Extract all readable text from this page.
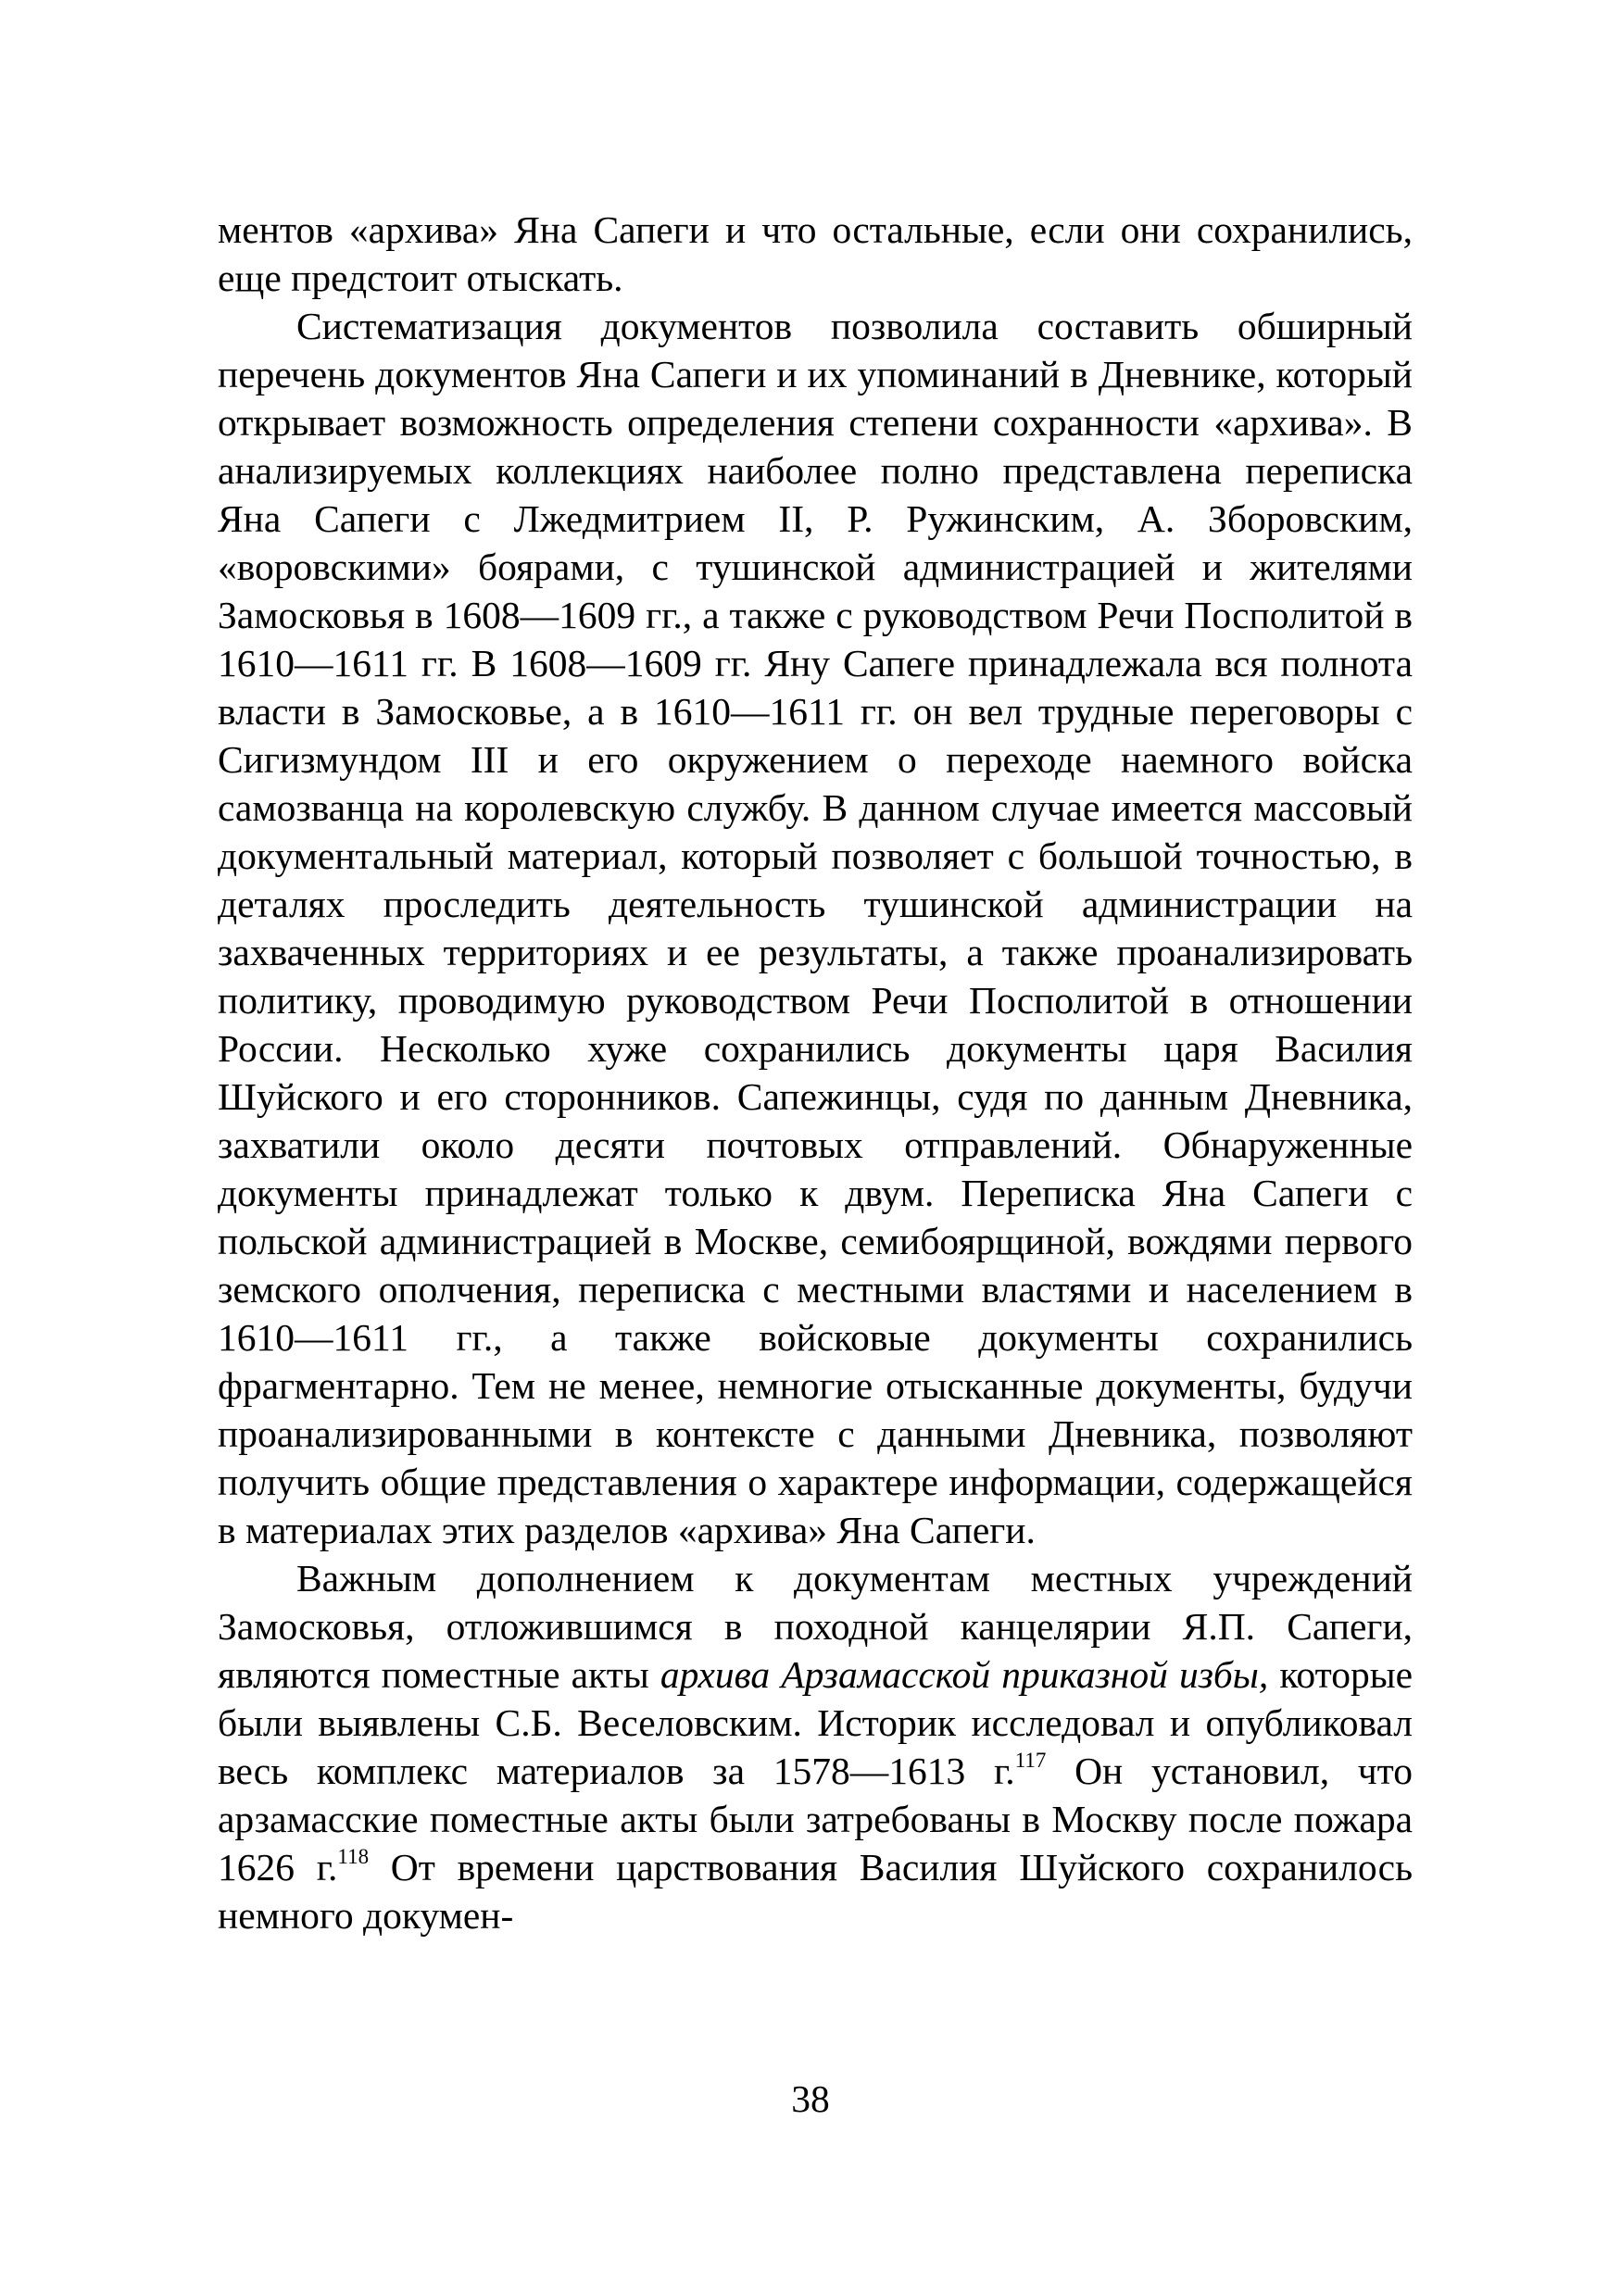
ментов «архива» Яна Сапеги и что остальные, если они сохранились, еще предстоит отыскать.

Систематизация документов позволила составить обширный перечень документов Яна Сапеги и их упоминаний в Дневнике, который открывает возможность определения степени сохранности «архива». В анализируемых коллекциях наиболее полно представлена переписка Яна Сапеги с Лжедмитрием II, Р. Ружинским, А. Зборовским, «воровскими» боярами, с тушинской администрацией и жителями Замосковья в 1608—1609 гг., а также с руководством Речи Посполитой в 1610—1611 гг. В 1608—1609 гг. Яну Сапеге принадлежала вся полнота власти в Замосковье, а в 1610—1611 гг. он вел трудные переговоры с Сигизмундом III и его окружением о переходе наемного войска самозванца на королевскую службу. В данном случае имеется массовый документальный материал, который позволяет с большой точностью, в деталях проследить деятельность тушинской администрации на захваченных территориях и ее результаты, а также проанализировать политику, проводимую руководством Речи Посполитой в отношении России. Несколько хуже сохранились документы царя Василия Шуйского и его сторонников. Сапежинцы, судя по данным Дневника, захватили около десяти почтовых отправлений. Обнаруженные документы принадлежат только к двум. Переписка Яна Сапеги с польской администрацией в Москве, семибоярщиной, вождями первого земского ополчения, переписка с местными властями и населением в 1610—1611 гг., а также войсковые документы сохранились фрагментарно. Тем не менее, немногие отысканные документы, будучи проанализированными в контексте с данными Дневника, позволяют получить общие представления о характере информации, содержащейся в материалах этих разделов «архива» Яна Сапеги.

Важным дополнением к документам местных учреждений Замосковья, отложившимся в походной канцелярии Я.П. Сапеги, являются поместные акты архива Арзамасской приказной избы, которые были выявлены С.Б. Веселовским. Историк исследовал и опубликовал весь комплекс материалов за 1578—1613 г.$^{117}$ Он установил, что арзамасские поместные акты были затребованы в Москву после пожара 1626 г.$^{118}$ От времени царствования Василия Шуйского сохранилось немного докумен-

38
